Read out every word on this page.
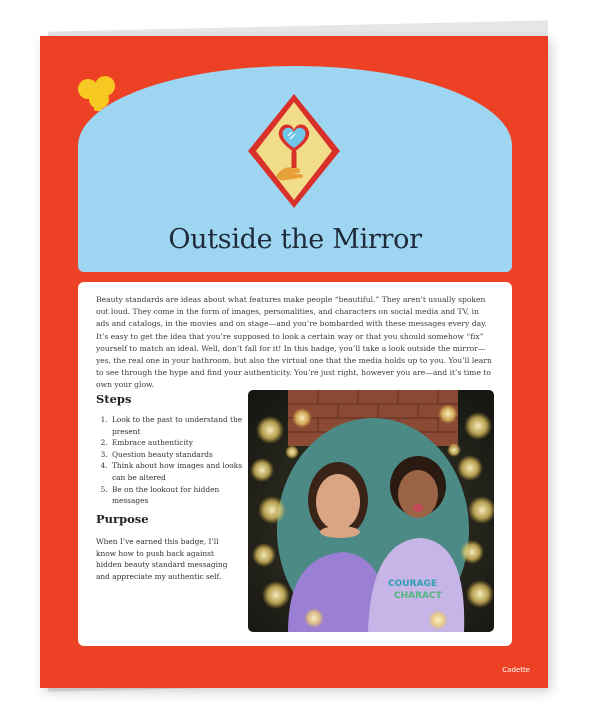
Outside the Mirror

Beauty standards are ideas about what features make people “beautiful.” They aren’t usually spoken out loud. They come in the form of images, personalities, and characters on social media and TV, in ads and catalogs, in the movies and on stage—and you’re bombarded with these messages every day. It’s easy to get the idea that you’re supposed to look a certain way or that you should somehow “fix” yourself to match an ideal. Well, don’t fall for it! In this badge, you’ll take a look outside the mirror—yes, the real one in your bathroom, but also the virtual one that the media holds up to you. You’ll learn to see through the hype and find your authenticity. You’re just right, however you are—and it’s time to own your glow.

Steps
1. Look to the past to understand the present
2. Embrace authenticity
3. Question beauty standards
4. Think about how images and looks can be altered
5. Be on the lookout for hidden messages
Purpose

When I’ve earned this badge, I’ll know how to push back against hidden beauty standard messaging and appreciate my authentic self.

COURAGE
CHARACT
Cadette
